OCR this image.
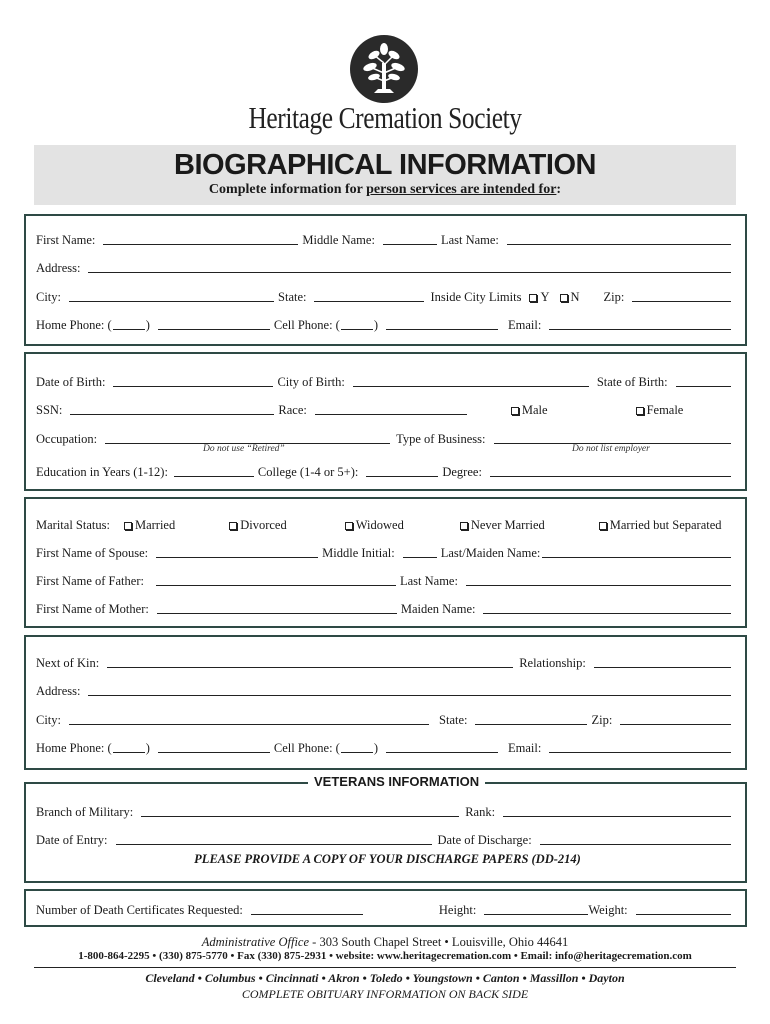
Heritage Cremation Society
BIOGRAPHICAL INFORMATION
Complete information for person services are intended for:
First Name:	Middle Name:	Last Name:
Address:
City:	State:	Inside City Limits Y N Zip:
Home Phone: (	)	Cell Phone: (	)	Email:
Date of Birth:	City of Birth:	State of Birth:
SSN:	Race:	Male	Female
Occupation:	Type of Business:
Do not use “Retired”	Do not list employer
Education in Years (1-12):	College (1-4 or 5+):	Degree:
Marital Status: Married	Divorced	Widowed	Never Married	Married but Separated
First Name of Spouse:	Middle Initial:	Last/Maiden Name:
First Name of Father:	Last Name:
First Name of Mother:	Maiden Name:
Next of Kin:	Relationship:
Address:
City:	State:	Zip:
Home Phone: (	)	Cell Phone: (	)	Email:
Branch of Military:	Rank:
Date of Entry:	Date of Discharge:
PLEASE PROVIDE A COPY OF YOUR DISCHARGE PAPERS (DD-214)
VETERANS INFORMATION
Number of Death Certificates Requested:	Height:	Weight:
Administrative Office - 303 South Chapel Street • Louisville, Ohio 44641
1-800-864-2295 • (330) 875-5770 • Fax (330) 875-2931 • website: www.heritagecremation.com • Email: info@heritagecremation.com
Cleveland • Columbus • Cincinnati • Akron • Toledo • Youngstown • Canton • Massillon • Dayton
COMPLETE OBITUARY INFORMATION ON BACK SIDE
